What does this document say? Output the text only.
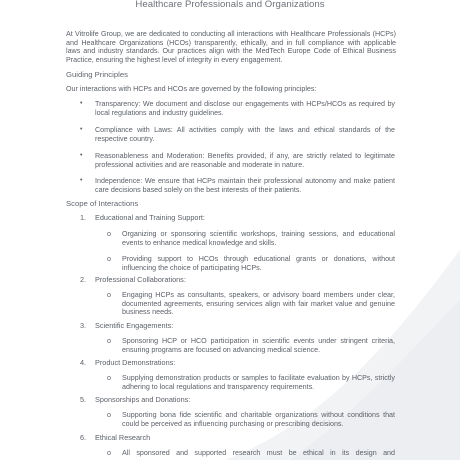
Healthcare Professionals and Organizations

At Vitrolife Group, we are dedicated to conducting all interactions with Healthcare Professionals (HCPs) and Healthcare Organizations (HCOs) transparently, ethically, and in full compliance with applicable laws and industry standards. Our practices align with the MedTech Europe Code of Ethical Business Practice, ensuring the highest level of integrity in every engagement.

Guiding Principles
Our interactions with HCPs and HCOs are governed by the following principles:
• Transparency: We document and disclose our engagements with HCPs/HCOs as required by local regulations and industry guidelines.

• Compliance with Laws: All activities comply with the laws and ethical standards of the respective country.

• Reasonableness and Moderation: Benefits provided, if any, are strictly related to legitimate professional activities and are reasonable and moderate in nature.

• Independence: We ensure that HCPs maintain their professional autonomy and make patient care decisions based solely on the best interests of their patients.

Scope of Interactions
1. Educational and Training Support:
o Organizing or sponsoring scientific workshops, training sessions, and educational events to enhance medical knowledge and skills.

o Providing support to HCOs through educational grants or donations, without influencing the choice of participating HCPs.

2. Professional Collaborations:
o Engaging HCPs as consultants, speakers, or advisory board members under clear, documented agreements, ensuring services align with fair market value and genuine business needs.

3. Scientific Engagements:
o Sponsoring HCP or HCO participation in scientific events under stringent criteria, ensuring programs are focused on advancing medical science.

4. Product Demonstrations:
o Supplying demonstration products or samples to facilitate evaluation by HCPs, strictly adhering to local regulations and transparency requirements.

5. Sponsorships and Donations:
o Supporting bona fide scientific and charitable organizations without conditions that could be perceived as influencing purchasing or prescribing decisions.

6. Ethical Research
o All sponsored and supported research must be ethical in its design and
